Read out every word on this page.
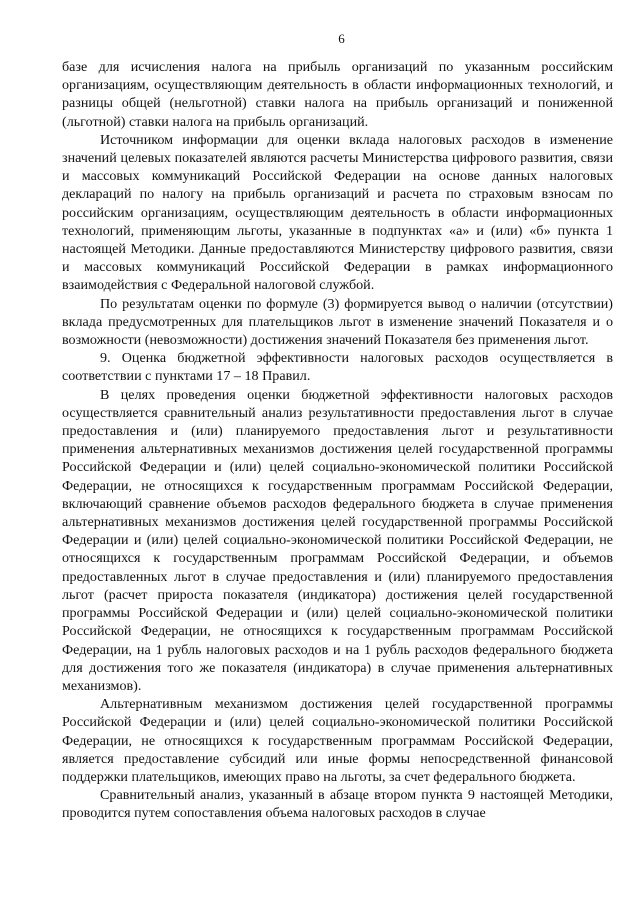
6

базе для исчисления налога на прибыль организаций по указанным российским организациям, осуществляющим деятельность в области информационных технологий, и разницы общей (нельготной) ставки налога на прибыль организаций и пониженной (льготной) ставки налога на прибыль организаций.

Источником информации для оценки вклада налоговых расходов в изменение значений целевых показателей являются расчеты Министерства цифрового развития, связи и массовых коммуникаций Российской Федерации на основе данных налоговых деклараций по налогу на прибыль организаций и расчета по страховым взносам по российским организациям, осуществляющим деятельность в области информационных технологий, применяющим льготы, указанные в подпунктах «а» и (или) «б» пункта 1 настоящей Методики. Данные предоставляются Министерству цифрового развития, связи и массовых коммуникаций Российской Федерации в рамках информационного взаимодействия с Федеральной налоговой службой.

По результатам оценки по формуле (3) формируется вывод о наличии (отсутствии) вклада предусмотренных для плательщиков льгот в изменение значений Показателя и о возможности (невозможности) достижения значений Показателя без применения льгот.

9. Оценка бюджетной эффективности налоговых расходов осуществляется в соответствии с пунктами 17 – 18 Правил.

В целях проведения оценки бюджетной эффективности налоговых расходов осуществляется сравнительный анализ результативности предоставления льгот в случае предоставления и (или) планируемого предоставления льгот и результативности применения альтернативных механизмов достижения целей государственной программы Российской Федерации и (или) целей социально-экономической политики Российской Федерации, не относящихся к государственным программам Российской Федерации, включающий сравнение объемов расходов федерального бюджета в случае применения альтернативных механизмов достижения целей государственной программы Российской Федерации и (или) целей социально-экономической политики Российской Федерации, не относящихся к государственным программам Российской Федерации, и объемов предоставленных льгот в случае предоставления и (или) планируемого предоставления льгот (расчет прироста показателя (индикатора) достижения целей государственной программы Российской Федерации и (или) целей социально-экономической политики Российской Федерации, не относящихся к государственным программам Российской Федерации, на 1 рубль налоговых расходов и на 1 рубль расходов федерального бюджета для достижения того же показателя (индикатора) в случае применения альтернативных механизмов).

Альтернативным механизмом достижения целей государственной программы Российской Федерации и (или) целей социально-экономической политики Российской Федерации, не относящихся к государственным программам Российской Федерации, является предоставление субсидий или иные формы непосредственной финансовой поддержки плательщиков, имеющих право на льготы, за счет федерального бюджета.

Сравнительный анализ, указанный в абзаце втором пункта 9 настоящей Методики, проводится путем сопоставления объема налоговых расходов в случае
